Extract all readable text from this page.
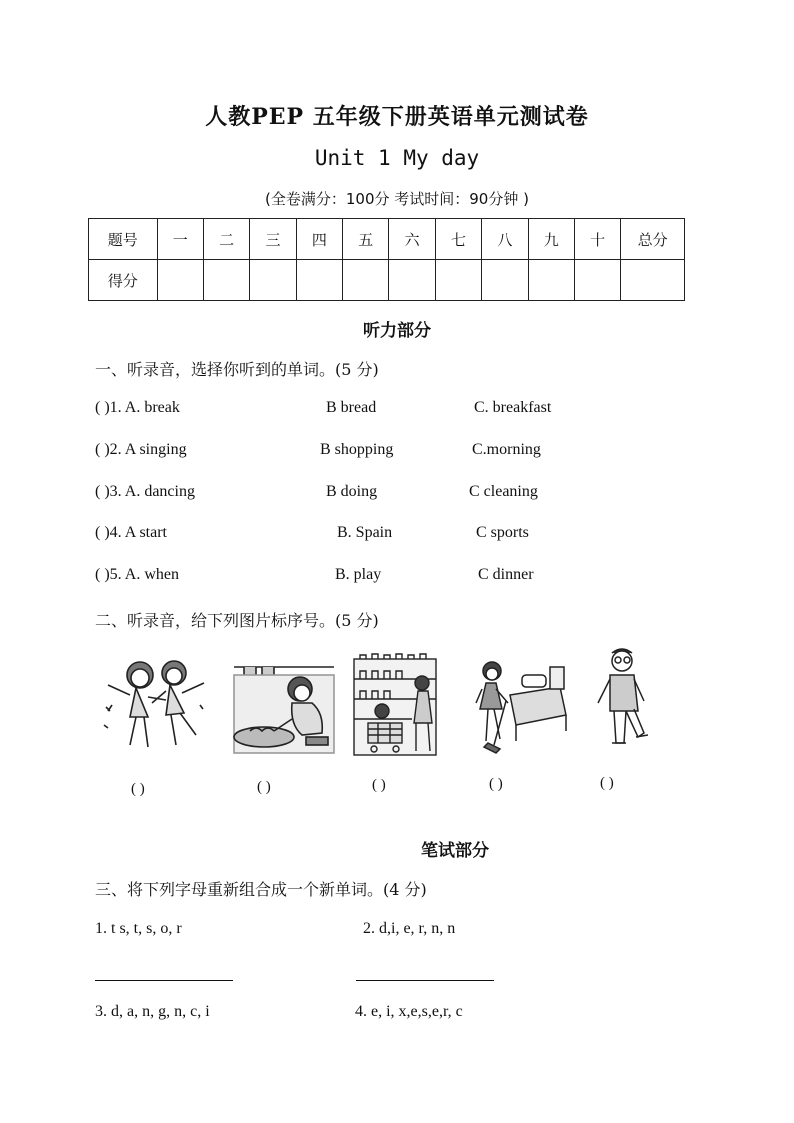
人教PEP 五年级下册英语单元测试卷
Unit 1 My day
(全卷满分：100分 考试时间：90分钟 )
题号	一	二	三	四	五	六	七	八	九	十	总分
得分											
听力部分
一、听录音，选择你听到的单词。(5 分)
( )1. A. break	B bread	C. breakfast
( )2. A singing	B shopping	C.morning
( )3. A. dancing	B doing	C cleaning
( )4. A start	B. Spain	C sports
( )5. A. when	B. play	C dinner
二、听录音，给下列图片标序号。(5 分)
( )	( )	( )	( )	( )
笔试部分
三、将下列字母重新组合成一个新单词。(4 分)
1. t s, t, s, o, r	2. d,i, e, r, n, n
3. d, a, n, g, n, c, i	4. e, i, x,e,s,e,r, c
